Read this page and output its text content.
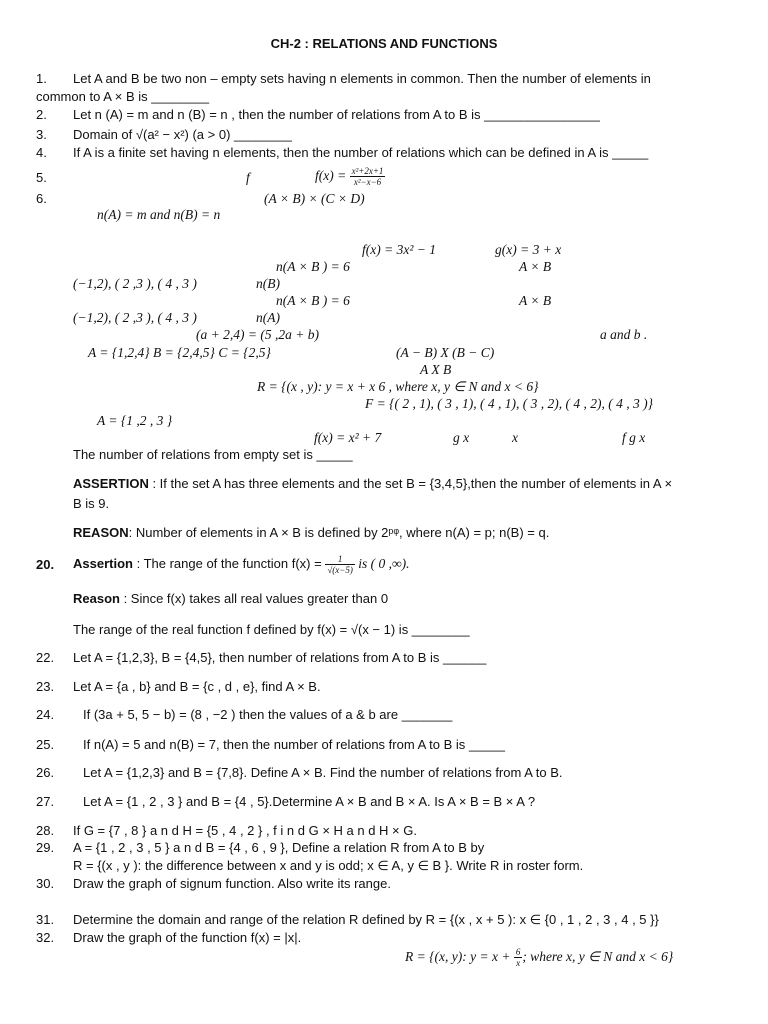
CH-2 : RELATIONS AND FUNCTIONS
1. Let A and B be two non – empty sets having n elements in common. Then the number of elements in
common to A × B is ________
2. Let n (A) = m and n (B) = n , then the number of relations from A to B is ________________
3. Domain of √(a² − x²) (a > 0) ________
4. If A is a finite set having n elements, then the number of relations which can be defined in A is _____
5.	f	$f(x) = \frac{\text{x²+2x+1}}{\text{x²−x−6}}$
6.	(A × B) × (C × D)
n(A) = m and n(B) = n
f(x) = 3x² − 1	g(x) = 3 + x
n(A × B ) = 6	A × B
(−1,2), ( 2 ,3 ), ( 4 , 3 )	n(B)
n(A × B ) = 6	A × B
(−1,2), ( 2 ,3 ), ( 4 , 3 )	n(A)
(a + 2,4) = (5 ,2a + b)	a and b .
A = {1,2,4} B = {2,4,5} C = {2,5}	(A − B) X (B − C)
A X B
R = {(x , y): y = x + x 6 , where x, y ∈ N and x < 6}
F = {( 2 , 1), ( 3 , 1), ( 4 , 1), ( 3 , 2), ( 4 , 2), ( 4 , 3 )}
A = {1 ,2 , 3 }
f(x) = x² + 7	g x	x	f g x
The number of relations from empty set is _____
ASSERTION : If the set A has three elements and the set B = {3,4,5},then the number of elements in A ×
B is 9.
REASON: Number of elements in A × B is defined by 2ᵖᵠ, where n(A) = p; n(B) = q.
20. Assertion : The range of the function $f(x) = \frac{1}{√(x-5)}$ is ( 0 ,∞).
Reason : Since f(x) takes all real values greater than 0
The range of the real function f defined by f(x) = √(x − 1) is ________
22. Let A = {1,2,3}, B = {4,5}, then number of relations from A to B is ______
23. Let A = {a , b} and B = {c , d , e}, find A × B.
24. If (3a + 5, 5 − b) = (8 , −2 ) then the values of a & b are _______
25. If n(A) = 5 and n(B) = 7, then the number of relations from A to B is _____
26. Let A = {1,2,3} and B = {7,8}. Define A × B. Find the number of relations from A to B.
27. Let A = {1 , 2 , 3 } and B = {4 , 5}.Determine A × B and B × A. Is A × B = B × A ?
28. If G = {7 , 8 } a n d H = {5 , 4 , 2 } , f i n d G × H a n d H × G.
29. A = {1 , 2 , 3 , 5 } a n d B = {4 , 6 , 9 }, Define a relation R from A to B by
R = {(x , y ): the difference between x and y is odd; x ∈ A, y ∈ B }. Write R in roster form.
30. Draw the graph of signum function. Also write its range.
31. Determine the domain and range of the relation R defined by R = {(x , x + 5 ): x ∈ {0 , 1 , 2 , 3 , 4 , 5 }}
32. Draw the graph of the function f(x) = |x|.
R = {(x, y): $y = x + \frac{6}{x}$ ; where x, y ∈ N and x < 6}
